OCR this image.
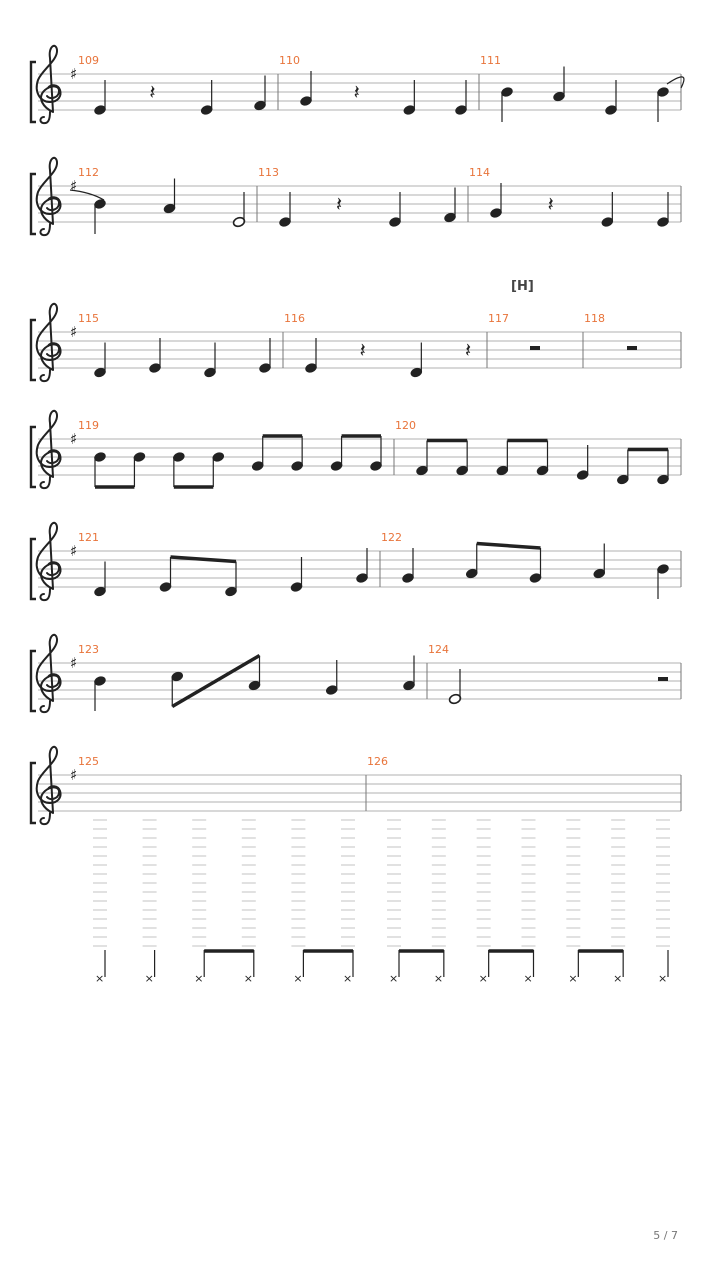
♯
109
𝄽
110
𝄽
111
♯
112	113
𝄽
114
𝄽
♯
115	116
𝄽	𝄽
117
[H]
118
♯
119	120
♯
121	122
♯
123	124
♯
125
×	×	×	×	×	×
126
×	×	×	×	×	×	×
5 / 7
